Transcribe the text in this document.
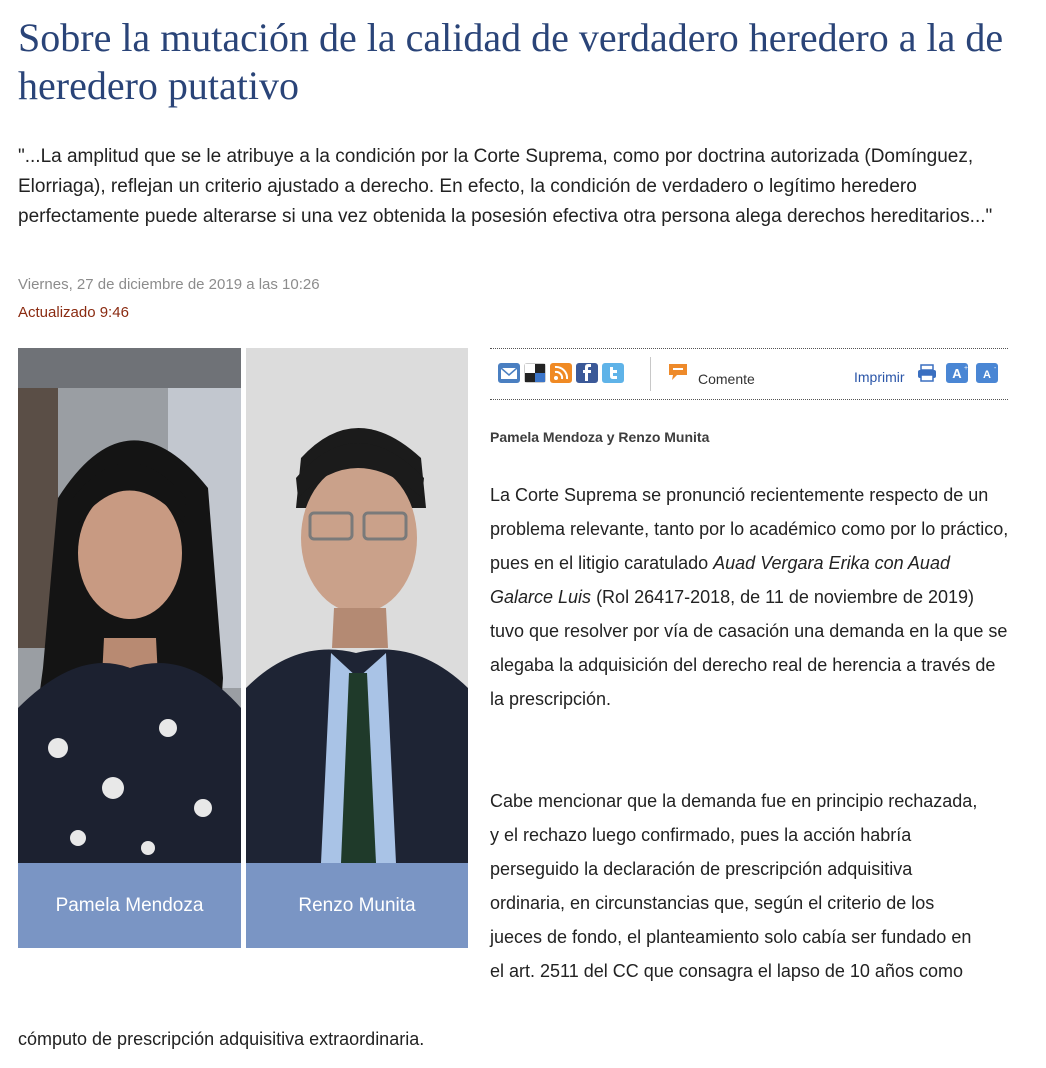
Sobre la mutación de la calidad de verdadero heredero a la de heredero putativo

"...La amplitud que se le atribuye a la condición por la Corte Suprema, como por doctrina autorizada (Domínguez, Elorriaga), reflejan un criterio ajustado a derecho. En efecto, la condición de verdadero o legítimo heredero perfectamente puede alterarse si una vez obtenida la posesión efectiva otra persona alega derechos hereditarios..."

Viernes, 27 de diciembre de 2019 a las 10:26
Actualizado 9:46
Pamela Mendoza	Renzo Munita
Comente	Imprimir	A +
A
-
Pamela Mendoza y Renzo Munita

La Corte Suprema se pronunció recientemente respecto de un problema relevante, tanto por lo académico como por lo práctico, pues en el litigio caratulado Auad Vergara Erika con Auad Galarce Luis (Rol 26417-2018, de 11 de noviembre de 2019) tuvo que resolver por vía de casación una demanda en la que se alegaba la adquisición del derecho real de herencia a través de la prescripción.

Cabe mencionar que la demanda fue en principio rechazada, y el rechazo luego confirmado, pues la acción habría perseguido la declaración de prescripción adquisitiva ordinaria, en circunstancias que, según el criterio de los jueces de fondo, el planteamiento solo cabía ser fundado en el art. 2511 del CC que consagra el lapso de 10 años como

cómputo de prescripción adquisitiva extraordinaria.
